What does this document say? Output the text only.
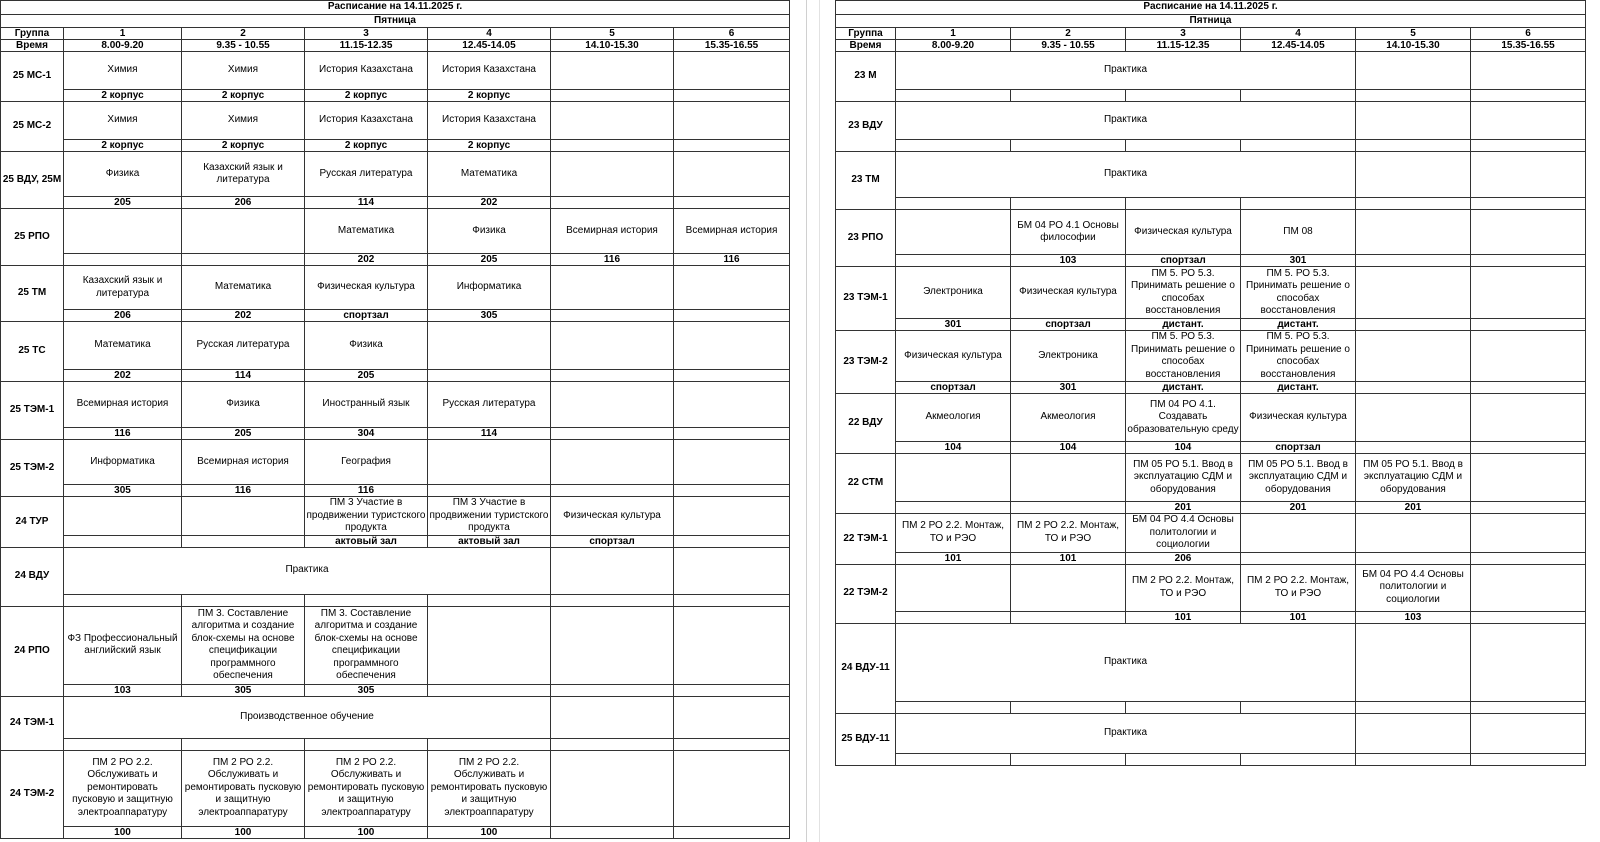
Расписание на 14.11.2025 г.						
Пятница						
Группа	1	2	3	4	5	6
Время	8.00-9.20	9.35 - 10.55	11.15-12.35	12.45-14.05	14.10-15.30	15.35-16.55
25 МС-1	Химия	Химия	История Казахстана	История Казахстана		
	2 корпус	2 корпус	2 корпус	2 корпус		
25 МС-2	Химия	Химия	История Казахстана	История Казахстана		
	2 корпус	2 корпус	2 корпус	2 корпус		
25 ВДУ, 25М	Физика	Казахский язык и литература	Русская литература	Математика		
	205	206	114	202		
25 РПО			Математика	Физика	Всемирная история	Всемирная история
			202	205	116	116
25 ТМ	Казахский язык и литература	Математика	Физическая культура	Информатика		
	206	202	спортзал	305		
25 ТС	Математика	Русская литература	Физика			
	202	114	205			
25 ТЭМ-1	Всемирная история	Физика	Иностранный язык	Русская литература		
	116	205	304	114		
25 ТЭМ-2	Информатика	Всемирная история	География			
	305	116	116			
24 ТУР			ПМ 3 Участие в продвижении туристского продукта	ПМ 3 Участие в продвижении туристского продукта	Физическая культура	
			актовый зал	актовый зал	спортзал	
24 ВДУ	Практика					

24 РПО	ФЗ Профессиональный английский язык	ПМ 3. Составление алгоритма и создание блок-схемы на основе спецификации программного обеспечения	ПМ 3. Составление алгоритма и создание блок-схемы на основе спецификации программного обеспечения			
	103	305	305			
24 ТЭМ-1	Производственное обучение					

24 ТЭМ-2	ПМ 2 РО 2.2. Обслуживать и ремонтировать пусковую и защитную электроаппаратуру	ПМ 2 РО 2.2. Обслуживать и ремонтировать пусковую и защитную электроаппаратуру	ПМ 2 РО 2.2. Обслуживать и ремонтировать пусковую и защитную электроаппаратуру	ПМ 2 РО 2.2. Обслуживать и ремонтировать пусковую и защитную электроаппаратуру		
	100	100	100	100		
Расписание на 14.11.2025 г.						
Пятница						
Группа	1	2	3	4	5	6
Время	8.00-9.20	9.35 - 10.55	11.15-12.35	12.45-14.05	14.10-15.30	15.35-16.55
23 М	Практика					

23 ВДУ	Практика					

23 ТМ	Практика					

23 РПО		БМ 04 РО 4.1 Основы философии	Физическая культура	ПМ 08		
		103	спортзал	301		
23 ТЭМ-1	Электроника	Физическая культура	ПМ 5. РО 5.3. Принимать решение о способах восстановления	ПМ 5. РО 5.3. Принимать решение о способах восстановления		
	301	спортзал	дистант.	дистант.		
23 ТЭМ-2	Физическая культура	Электроника	ПМ 5. РО 5.3. Принимать решение о способах восстановления	ПМ 5. РО 5.3. Принимать решение о способах восстановления		
	спортзал	301	дистант.	дистант.		
22 ВДУ	Акмеология	Акмеология	ПМ 04 РО 4.1. Создавать образовательную среду	Физическая культура		
	104	104	104	спортзал		
22 СТМ			ПМ 05 РО 5.1. Ввод в эксплуатацию СДМ и оборудования	ПМ 05 РО 5.1. Ввод в эксплуатацию СДМ и оборудования	ПМ 05 РО 5.1. Ввод в эксплуатацию СДМ и оборудования	
			201	201	201	
22 ТЭМ-1	ПМ 2 РО 2.2. Монтаж, ТО и РЭО	ПМ 2 РО 2.2. Монтаж, ТО и РЭО	БМ 04 РО 4.4 Основы политологии и социологии			
	101	101	206			
22 ТЭМ-2			ПМ 2 РО 2.2. Монтаж, ТО и РЭО	ПМ 2 РО 2.2. Монтаж, ТО и РЭО	БМ 04 РО 4.4 Основы политологии и социологии	
			101	101	103	
24 ВДУ-11	Практика					

25 ВДУ-11	Практика					
